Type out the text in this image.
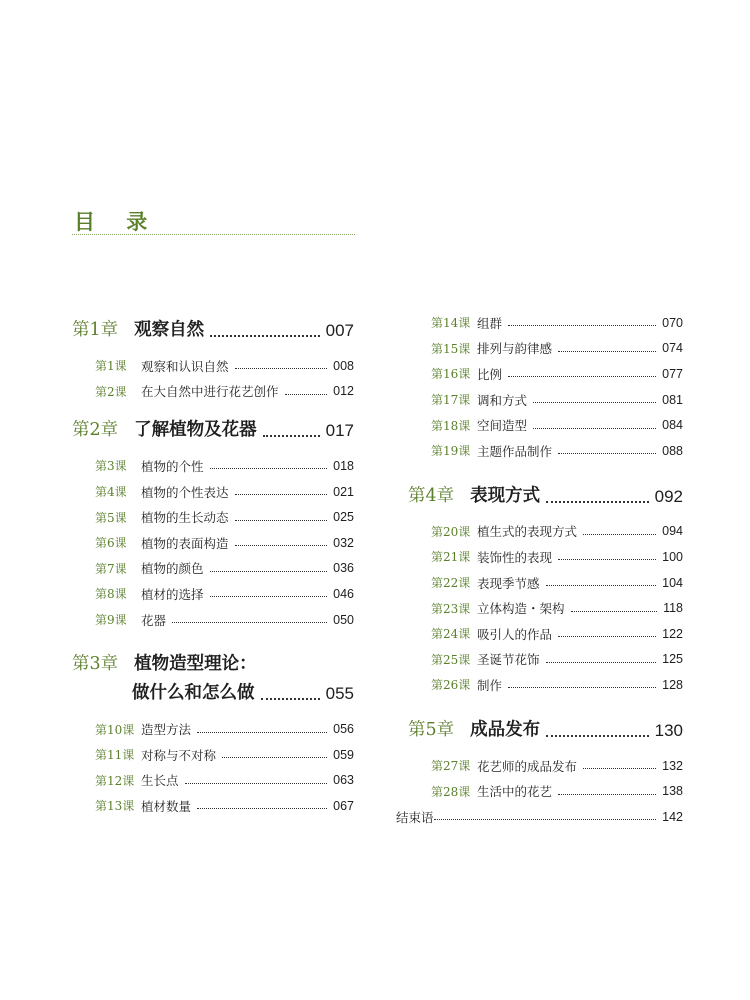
目 录
第1章 观察自然	007
第1课	观察和认识自然	008
第2课	在大自然中进行花艺创作	012
第2章 了解植物及花器	017
第3课	植物的个性	018
第4课	植物的个性表达	021
第5课	植物的生长动态	025
第6课	植物的表面构造	032
第7课	植物的颜色	036
第8课	植材的选择	046
第9课	花器	050
第3章 植物造型理论：
做什么和怎么做	055
第10课 造型方法	056
第11课 对称与不对称	059
第12课 生长点	063
第13课 植材数量	067
第14课 组群	070
第15课 排列与韵律感	074
第16课 比例	077
第17课 调和方式	081
第18课 空间造型	084
第19课 主题作品制作	088
第4章 表现方式	092
第20课 植生式的表现方式	094
第21课 装饰性的表现	100
第22课 表现季节感	104
第23课 立体构造・架构	118
第24课 吸引人的作品	122
第25课 圣诞节花饰	125
第26课 制作	128
第5章 成品发布	130
第27课 花艺师的成品发布	132
第28课 生活中的花艺	138
结束语	142
